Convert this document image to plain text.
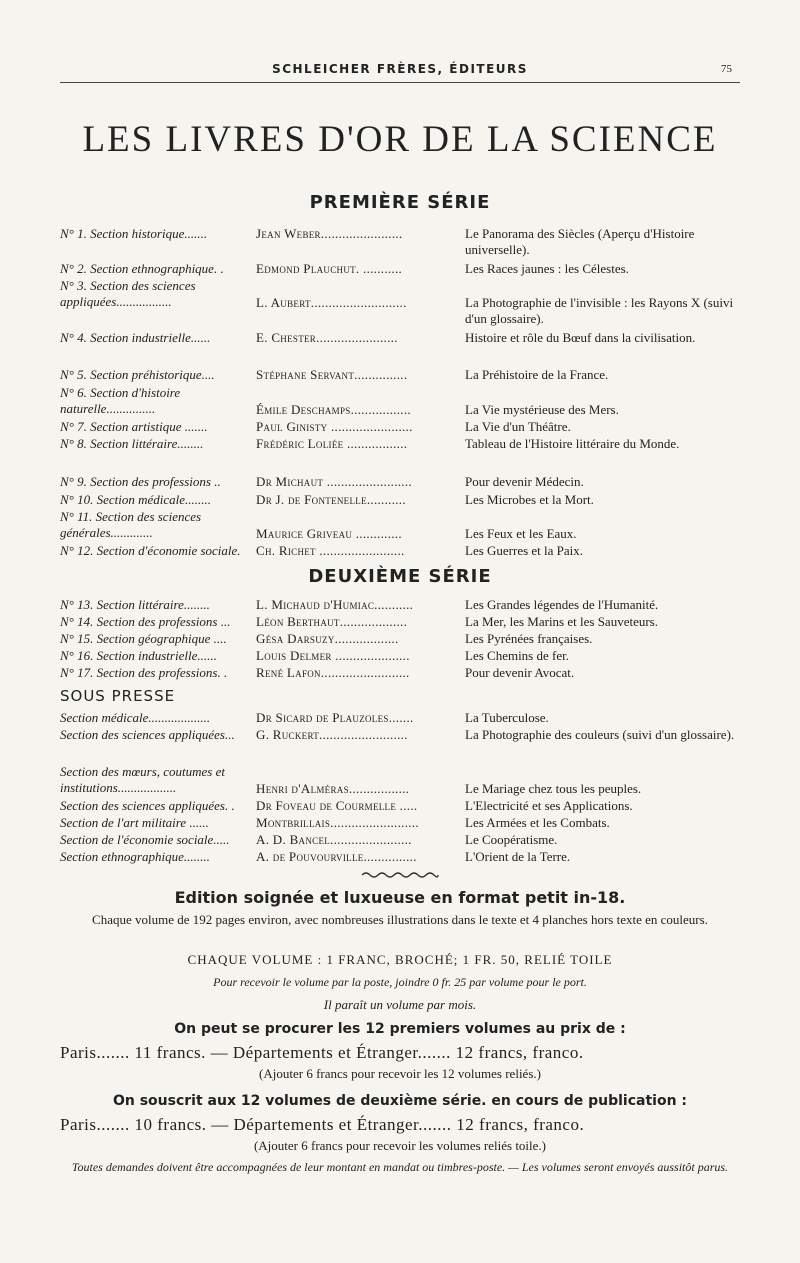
SCHLEICHER FRÈRES, ÉDITEURS	75
LES LIVRES D'OR DE LA SCIENCE
PREMIÈRE SÉRIE
N° 1. Section historique.......	Jean Weber.......................	Le Panorama des Siècles (Aperçu d'Histoire universelle).
N° 2. Section ethnographique. .	Edmond Plauchut. ...........	Les Races jaunes : les Célestes.
N° 3. Section des sciences appliquées.................	L. Aubert...........................	La Photographie de l'invisible : les Rayons X (suivi d'un glossaire).
N° 4. Section industrielle......	E. Chester.......................	Histoire et rôle du Bœuf dans la civilisation.
N° 5. Section préhistorique....	Stéphane Servant...............	La Préhistoire de la France.
N° 6. Section d'histoire naturelle...............	Émile Deschamps.................	La Vie mystérieuse des Mers.
N° 7. Section artistique .......	Paul Ginisty .......................	La Vie d'un Théâtre.
N° 8. Section littéraire........	Frédéric Loliée .................	Tableau de l'Histoire littéraire du Monde.
N° 9. Section des professions ..	Dr Michaut ........................	Pour devenir Médecin.
N° 10. Section médicale........	Dr J. de Fontenelle...........	Les Microbes et la Mort.
N° 11. Section des sciences générales.............	Maurice Griveau .............	Les Feux et les Eaux.
N° 12. Section d'économie sociale.	Ch. Richet ........................	Les Guerres et la Paix.
DEUXIÈME SÉRIE
N° 13. Section littéraire........	L. Michaud d'Humiac...........	Les Grandes légendes de l'Humanité.
N° 14. Section des professions ...	Léon Berthaut...................	La Mer, les Marins et les Sauveteurs.
N° 15. Section géographique ....	Gésa Darsuzy..................	Les Pyrénées françaises.
N° 16. Section industrielle......	Louis Delmer .....................	Les Chemins de fer.
N° 17. Section des professions. .	René Lafon.........................	Pour devenir Avocat.
SOUS PRESSE
Section médicale...................	Dr Sicard de Plauzoles.......	La Tuberculose.
Section des sciences appliquées...	G. Ruckert.........................	La Photographie des couleurs (suivi d'un glossaire).
Section des mœurs, coutumes et institutions..................	Henri d'Alméras.................	Le Mariage chez tous les peuples.
Section des sciences appliquées. .	Dr Foveau de Courmelle .....	L'Electricité et ses Applications.
Section de l'art militaire ......	Montbrillais.........................	Les Armées et les Combats.
Section de l'économie sociale.....	A. D. Bancel.......................	Le Coopératisme.
Section ethnographique........	A. de Pouvourville...............	L'Orient de la Terre.
Edition soignée et luxueuse en format petit in-18.
Chaque volume de 192 pages environ, avec nombreuses illustrations dans le texte et 4 planches hors texte en couleurs.
CHAQUE VOLUME : 1 FRANC, BROCHÉ; 1 FR. 50, RELIÉ TOILE
Pour recevoir le volume par la poste, joindre 0 fr. 25 par volume pour le port.
Il paraît un volume par mois.
On peut se procurer les 12 premiers volumes au prix de :
Paris....... 11 francs. — Départements et Étranger....... 12 francs, franco.
(Ajouter 6 francs pour recevoir les 12 volumes reliés.)
On souscrit aux 12 volumes de deuxième série. en cours de publication :
Paris....... 10 francs. — Départements et Étranger....... 12 francs, franco.
(Ajouter 6 francs pour recevoir les volumes reliés toile.)
Toutes demandes doivent être accompagnées de leur montant en mandat ou timbres-poste. — Les volumes seront envoyés aussitôt parus.
